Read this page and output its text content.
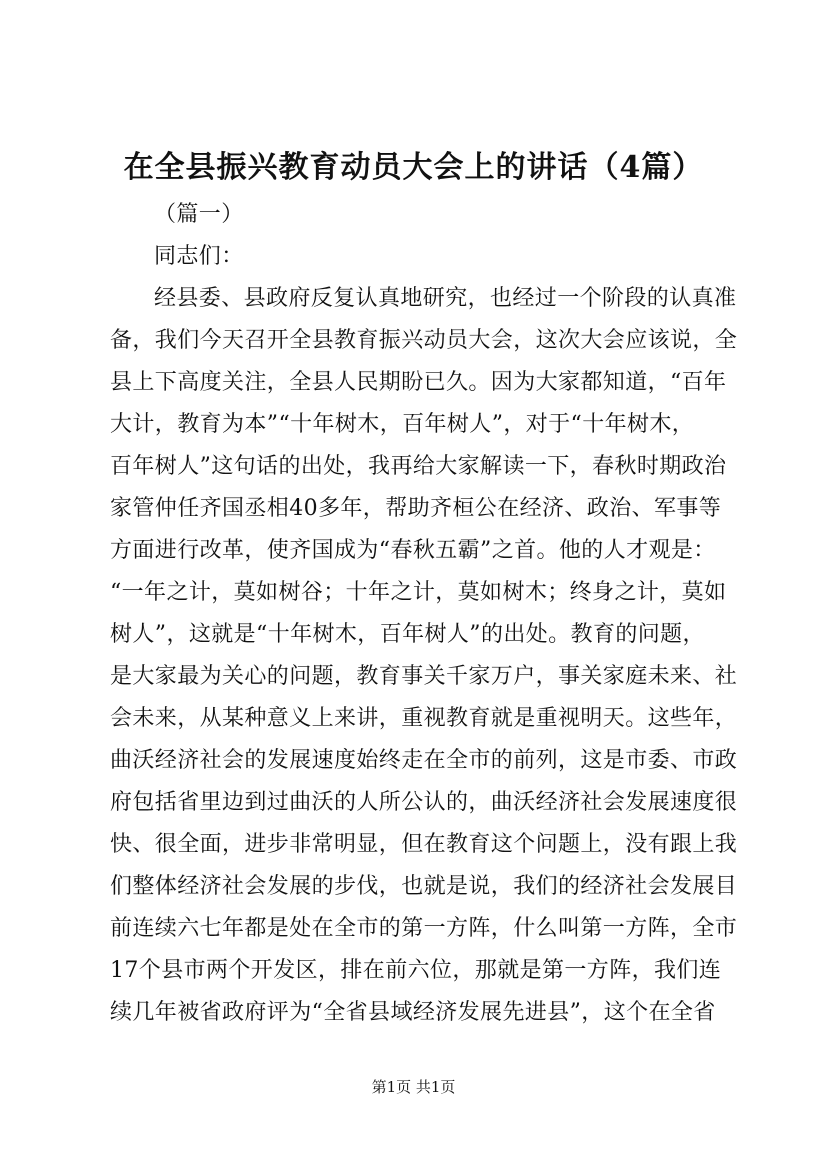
在全县振兴教育动员大会上的讲话（4篇）
（篇一）
同志们：
经县委、县政府反复认真地研究，也经过一个阶段的认真准
备，我们今天召开全县教育振兴动员大会，这次大会应该说，全
县上下高度关注，全县人民期盼已久。因为大家都知道，“百年
大计，教育为本”“十年树木，百年树人”，对于“十年树木，
百年树人”这句话的出处，我再给大家解读一下，春秋时期政治
家管仲任齐国丞相40多年，帮助齐桓公在经济、政治、军事等
方面进行改革，使齐国成为“春秋五霸”之首。他的人才观是：
“一年之计，莫如树谷；十年之计，莫如树木；终身之计，莫如
树人”，这就是“十年树木，百年树人”的出处。教育的问题，
是大家最为关心的问题，教育事关千家万户，事关家庭未来、社
会未来，从某种意义上来讲，重视教育就是重视明天。这些年，
曲沃经济社会的发展速度始终走在全市的前列，这是市委、市政
府包括省里边到过曲沃的人所公认的，曲沃经济社会发展速度很
快、很全面，进步非常明显，但在教育这个问题上，没有跟上我
们整体经济社会发展的步伐，也就是说，我们的经济社会发展目
前连续六七年都是处在全市的第一方阵，什么叫第一方阵，全市
17个县市两个开发区，排在前六位，那就是第一方阵，我们连
续几年被省政府评为“全省县域经济发展先进县”，这个在全省
第1页 共1页
